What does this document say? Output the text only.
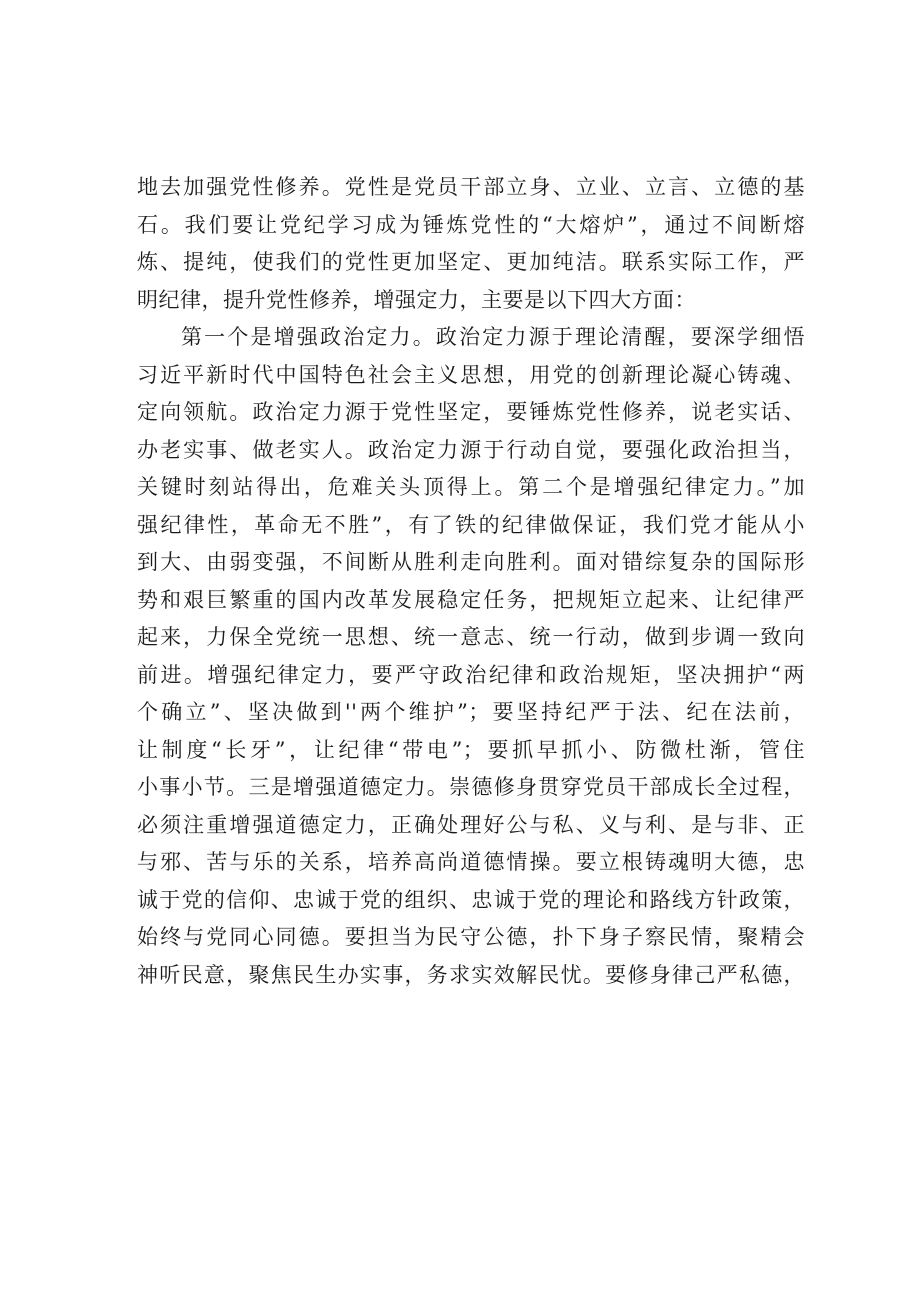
地去加强党性修养。党性是党员干部立身、立业、立言、立德的基
石。我们要让党纪学习成为锤炼党性的“大熔炉”，通过不间断熔
炼、提纯，使我们的党性更加坚定、更加纯洁。联系实际工作，严
明纪律，提升党性修养，增强定力，主要是以下四大方面：
第一个是增强政治定力。政治定力源于理论清醒，要深学细悟
习近平新时代中国特色社会主义思想，用党的创新理论凝心铸魂、
定向领航。政治定力源于党性坚定，要锤炼党性修养，说老实话、
办老实事、做老实人。政治定力源于行动自觉，要强化政治担当，
关键时刻站得出，危难关头顶得上。第二个是增强纪律定力。”加
强纪律性，革命无不胜”，有了铁的纪律做保证，我们党才能从小
到大、由弱变强，不间断从胜利走向胜利。面对错综复杂的国际形
势和艰巨繁重的国内改革发展稳定任务，把规矩立起来、让纪律严
起来，力保全党统一思想、统一意志、统一行动，做到步调一致向
前进。增强纪律定力，要严守政治纪律和政治规矩，坚决拥护“两
个确立”、坚决做到''两个维护”；要坚持纪严于法、纪在法前，
让制度“长牙”，让纪律“带电”；要抓早抓小、防微杜渐，管住
小事小节。三是增强道德定力。崇德修身贯穿党员干部成长全过程，
必须注重增强道德定力，正确处理好公与私、义与利、是与非、正
与邪、苦与乐的关系，培养高尚道德情操。要立根铸魂明大德，忠
诚于党的信仰、忠诚于党的组织、忠诚于党的理论和路线方针政策，
始终与党同心同德。要担当为民守公德，扑下身子察民情，聚精会
神听民意，聚焦民生办实事，务求实效解民忧。要修身律己严私德，
